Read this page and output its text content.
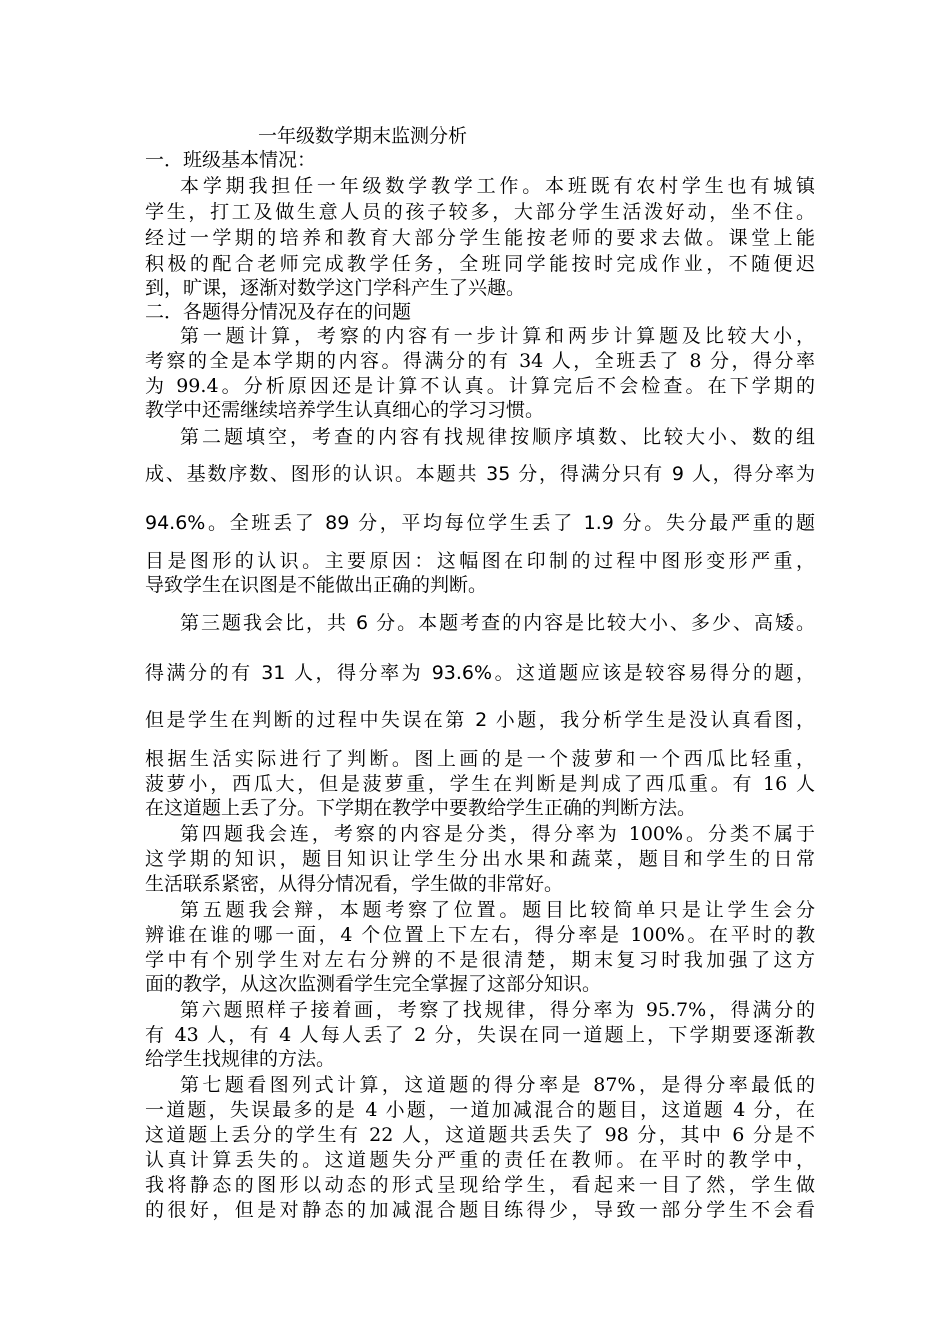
一年级数学期末监测分析
一．班级基本情况：
本学期我担任一年级数学教学工作。本班既有农村学生也有城镇
学生，打工及做生意人员的孩子较多，大部分学生活泼好动，坐不住。
经过一学期的培养和教育大部分学生能按老师的要求去做。课堂上能
积极的配合老师完成教学任务，全班同学能按时完成作业，不随便迟
到，旷课，逐渐对数学这门学科产生了兴趣。
二．各题得分情况及存在的问题
第一题计算，考察的内容有一步计算和两步计算题及比较大小，
考察的全是本学期的内容。得满分的有 34 人，全班丢了 8 分，得分率
为 99.4。分析原因还是计算不认真。计算完后不会检查。在下学期的
教学中还需继续培养学生认真细心的学习习惯。
第二题填空，考查的内容有找规律按顺序填数、比较大小、数的组
成、基数序数、图形的认识。本题共 35 分，得满分只有 9 人，得分率为
94.6%。全班丢了 89 分，平均每位学生丢了 1.9 分。失分最严重的题
目是图形的认识。主要原因：这幅图在印制的过程中图形变形严重，
导致学生在识图是不能做出正确的判断。
第三题我会比，共 6 分。本题考查的内容是比较大小、多少、高矮。
得满分的有 31 人，得分率为 93.6%。这道题应该是较容易得分的题，
但是学生在判断的过程中失误在第 2 小题，我分析学生是没认真看图，
根据生活实际进行了判断。图上画的是一个菠萝和一个西瓜比轻重，
菠萝小，西瓜大，但是菠萝重，学生在判断是判成了西瓜重。有 16 人
在这道题上丢了分。下学期在教学中要教给学生正确的判断方法。
第四题我会连，考察的内容是分类，得分率为 100%。分类不属于
这学期的知识，题目知识让学生分出水果和蔬菜，题目和学生的日常
生活联系紧密，从得分情况看，学生做的非常好。
第五题我会辩，本题考察了位置。题目比较简单只是让学生会分
辨谁在谁的哪一面，4 个位置上下左右，得分率是 100%。在平时的教
学中有个别学生对左右分辨的不是很清楚，期末复习时我加强了这方
面的教学，从这次监测看学生完全掌握了这部分知识。
第六题照样子接着画，考察了找规律，得分率为 95.7%，得满分的
有 43 人，有 4 人每人丢了 2 分，失误在同一道题上，下学期要逐渐教
给学生找规律的方法。
第七题看图列式计算，这道题的得分率是 87%，是得分率最低的
一道题，失误最多的是 4 小题，一道加减混合的题目，这道题 4 分，在
这道题上丢分的学生有 22 人，这道题共丢失了 98 分，其中 6 分是不
认真计算丢失的。这道题失分严重的责任在教师。在平时的教学中，
我将静态的图形以动态的形式呈现给学生，看起来一目了然，学生做
的很好，但是对静态的加减混合题目练得少，导致一部分学生不会看
